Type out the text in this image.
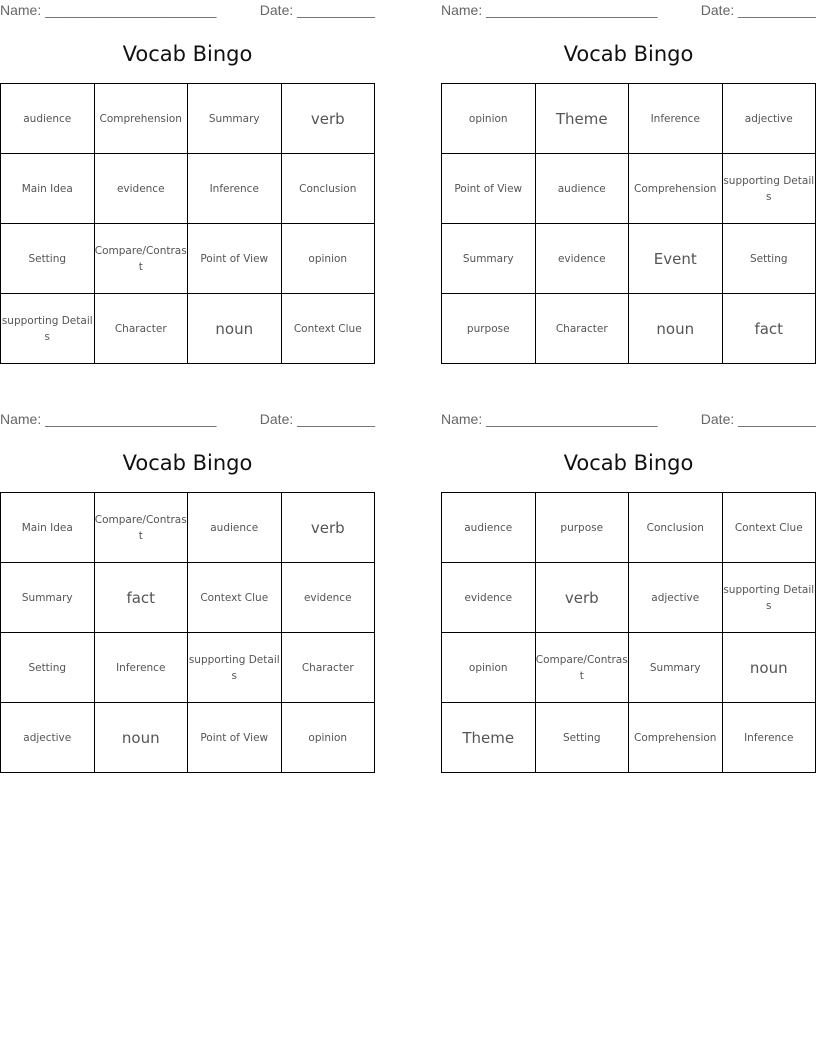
Name: ______________________	Date: __________
Vocab Bingo
audience	Comprehension	Summary	verb
Main Idea	evidence	Inference	Conclusion
Setting	Compare/Contrast	Point of View	opinion
supporting Details	Character	noun	Context Clue
Name: ______________________	Date: __________
Vocab Bingo
opinion	Theme	Inference	adjective
Point of View	audience	Comprehension	supporting Details
Summary	evidence	Event	Setting
purpose	Character	noun	fact
Name: ______________________	Date: __________
Vocab Bingo
Main Idea	Compare/Contrast	audience	verb
Summary	fact	Context Clue	evidence
Setting	Inference	supporting Details	Character
adjective	noun	Point of View	opinion
Name: ______________________	Date: __________
Vocab Bingo
audience	purpose	Conclusion	Context Clue
evidence	verb	adjective	supporting Details
opinion	Compare/Contrast	Summary	noun
Theme	Setting	Comprehension	Inference
